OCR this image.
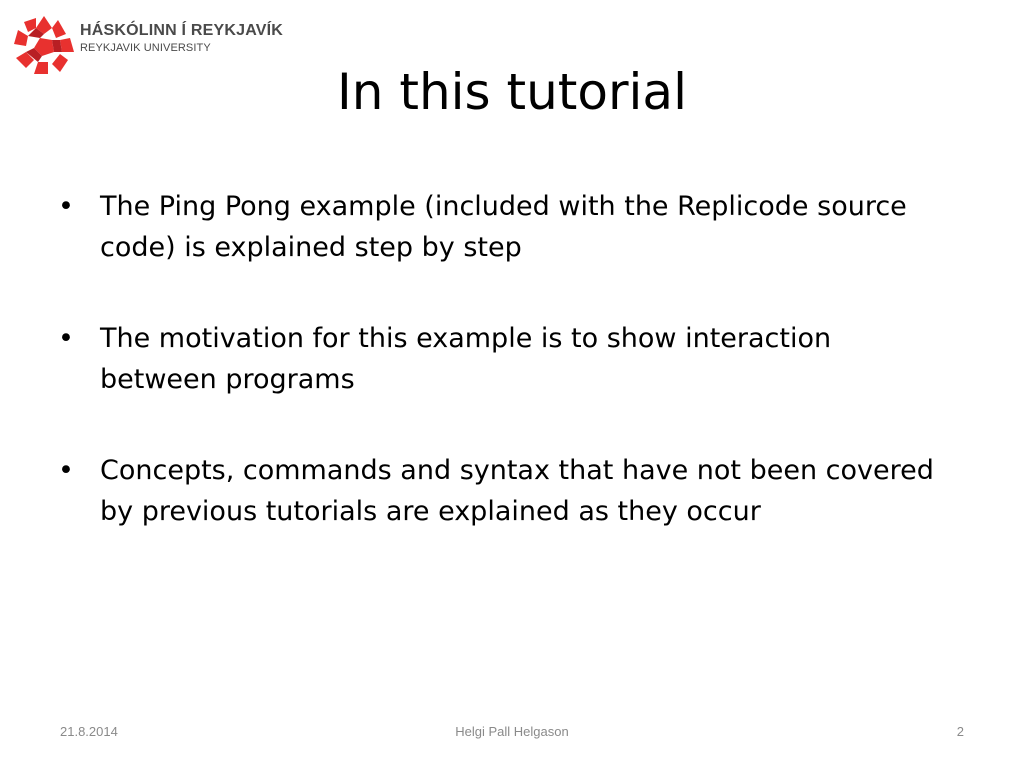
HÁSKÓLINN Í REYKJAVÍK
REYKJAVIK UNIVERSITY
In this tutorial
• The Ping Pong example (included with the Replicode source code) is explained step by step
• The motivation for this example is to show interaction between programs
• Concepts, commands and syntax that have not been covered by previous tutorials are explained as they occur
21.8.2014	Helgi Pall Helgason	2
